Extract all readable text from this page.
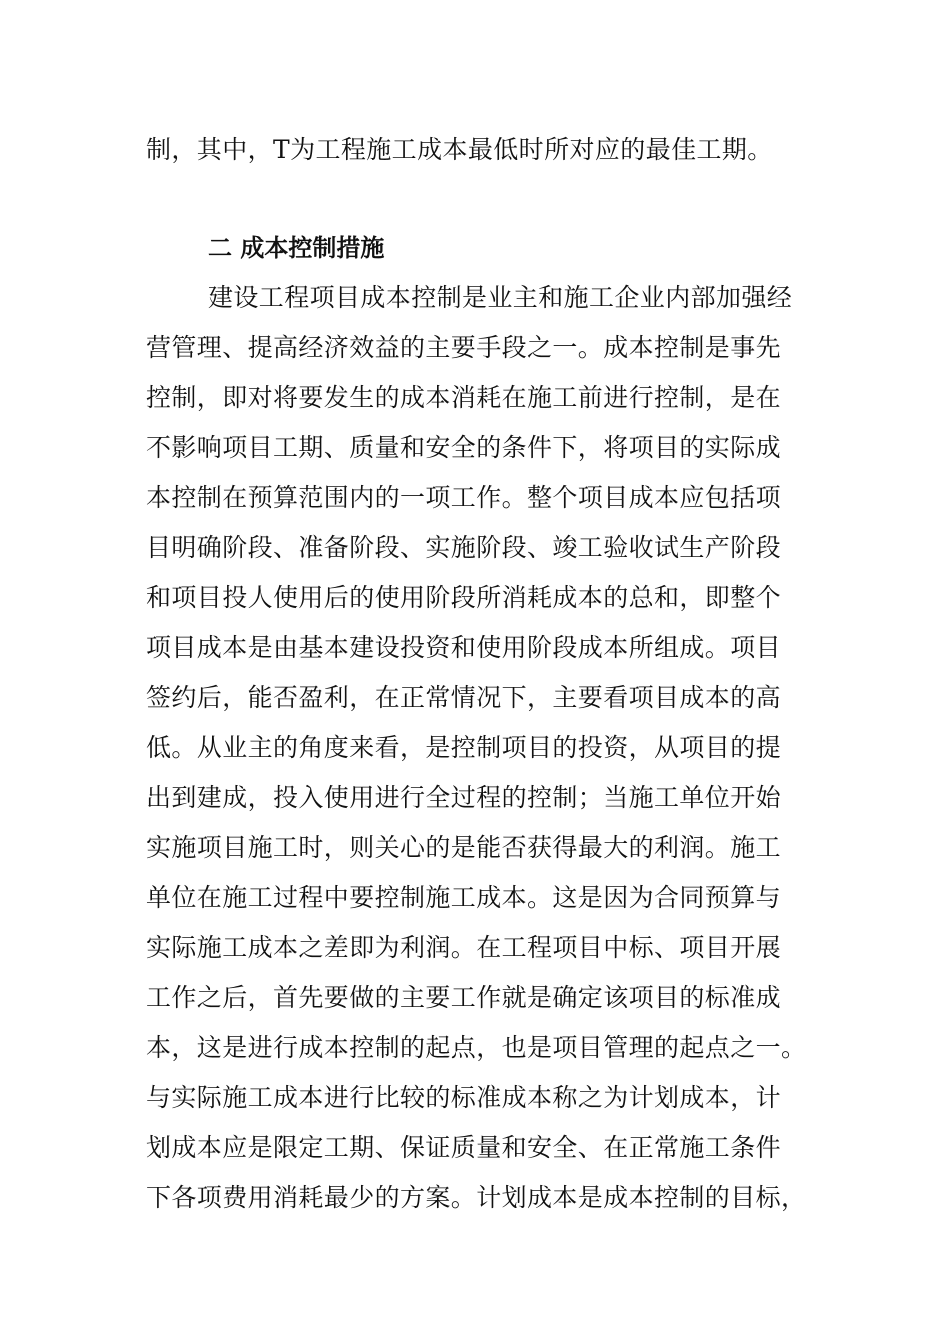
制，其中，T为工程施工成本最低时所对应的最佳工期。
二 成本控制措施
建设工程项目成本控制是业主和施工企业内部加强经
营管理、提高经济效益的主要手段之一。成本控制是事先
控制，即对将要发生的成本消耗在施工前进行控制，是在
不影响项目工期、质量和安全的条件下，将项目的实际成
本控制在预算范围内的一项工作。整个项目成本应包括项
目明确阶段、准备阶段、实施阶段、竣工验收试生产阶段
和项目投人使用后的使用阶段所消耗成本的总和，即整个
项目成本是由基本建设投资和使用阶段成本所组成。项目
签约后，能否盈利，在正常情况下，主要看项目成本的高
低。从业主的角度来看，是控制项目的投资，从项目的提
出到建成，投入使用进行全过程的控制；当施工单位开始
实施项目施工时，则关心的是能否获得最大的利润。施工
单位在施工过程中要控制施工成本。这是因为合同预算与
实际施工成本之差即为利润。在工程项目中标、项目开展
工作之后，首先要做的主要工作就是确定该项目的标准成
本，这是进行成本控制的起点，也是项目管理的起点之一。
与实际施工成本进行比较的标准成本称之为计划成本，计
划成本应是限定工期、保证质量和安全、在正常施工条件
下各项费用消耗最少的方案。计划成本是成本控制的目标，
